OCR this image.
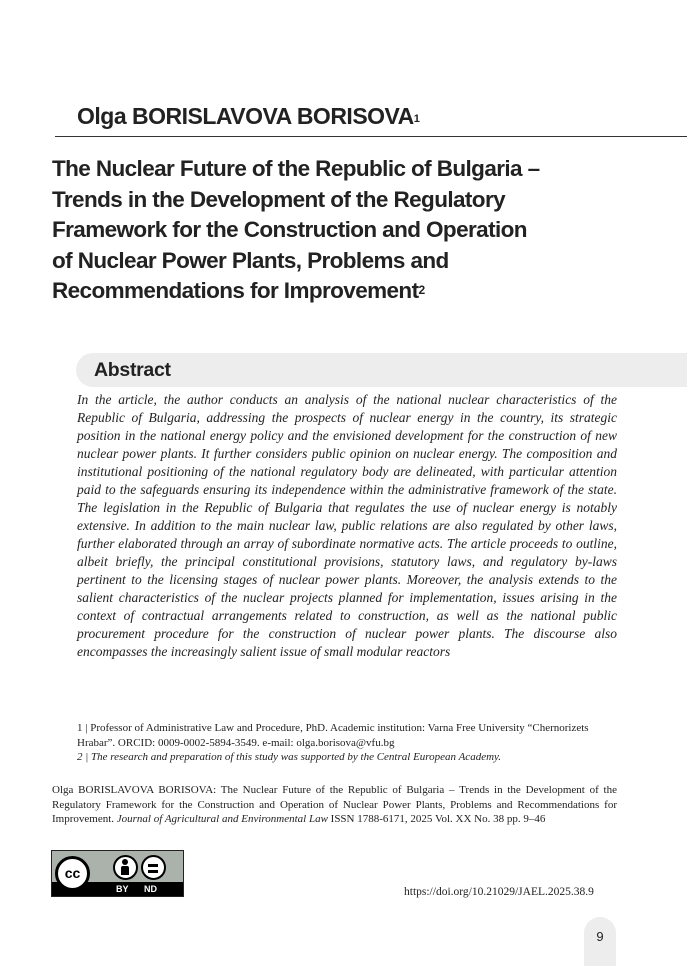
Olga BORISLAVOVA BORISOVA$^1$
The Nuclear Future of the Republic of Bulgaria –
Trends in the Development of the Regulatory
Framework for the Construction and Operation
of Nuclear Power Plants, Problems and
Recommendations for Improvement$^2$
Abstract

In the article, the author conducts an analysis of the national nuclear characteristics of the Republic of Bulgaria, addressing the prospects of nuclear energy in the country, its strategic position in the national energy policy and the envisioned development for the construction of new nuclear power plants. It further considers public opinion on nuclear energy. The composition and institutional positioning of the national regulatory body are delineated, with particular attention paid to the safeguards ensuring its independence within the administrative framework of the state. The legislation in the Republic of Bulgaria that regulates the use of nuclear energy is notably extensive. In addition to the main nuclear law, public relations are also regulated by other laws, further elaborated through an array of subordinate normative acts. The article proceeds to outline, albeit briefly, the principal constitutional provisions, statutory laws, and regulatory by-laws pertinent to the licensing stages of nuclear power plants. Moreover, the analysis extends to the salient characteristics of the nuclear projects planned for implementation, issues arising in the context of contractual arrangements related to construction, as well as the national public procurement procedure for the construction of nuclear power plants. The discourse also encompasses the increasingly salient issue of small modular reactors

1 | Professor of Administrative Law and Procedure, PhD. Academic institution: Varna Free University “Chernorizets Hrabar”. ORCID: 0009-0002-5894-3549. e-mail: olga.borisova@vfu.bg

2 | The research and preparation of this study was supported by the Central European Academy.

Olga BORISLAVOVA BORISOVA: The Nuclear Future of the Republic of Bulgaria – Trends in the Development of the Regulatory Framework for the Construction and Operation of Nuclear Power Plants, Problems and Recommendations for Improvement. Journal of Agricultural and Environmental Law ISSN 1788-6171, 2025 Vol. XX No. 38 pp. 9–46

cc
BY ND	https://doi.org/10.21029/JAEL.2025.38.9
9
